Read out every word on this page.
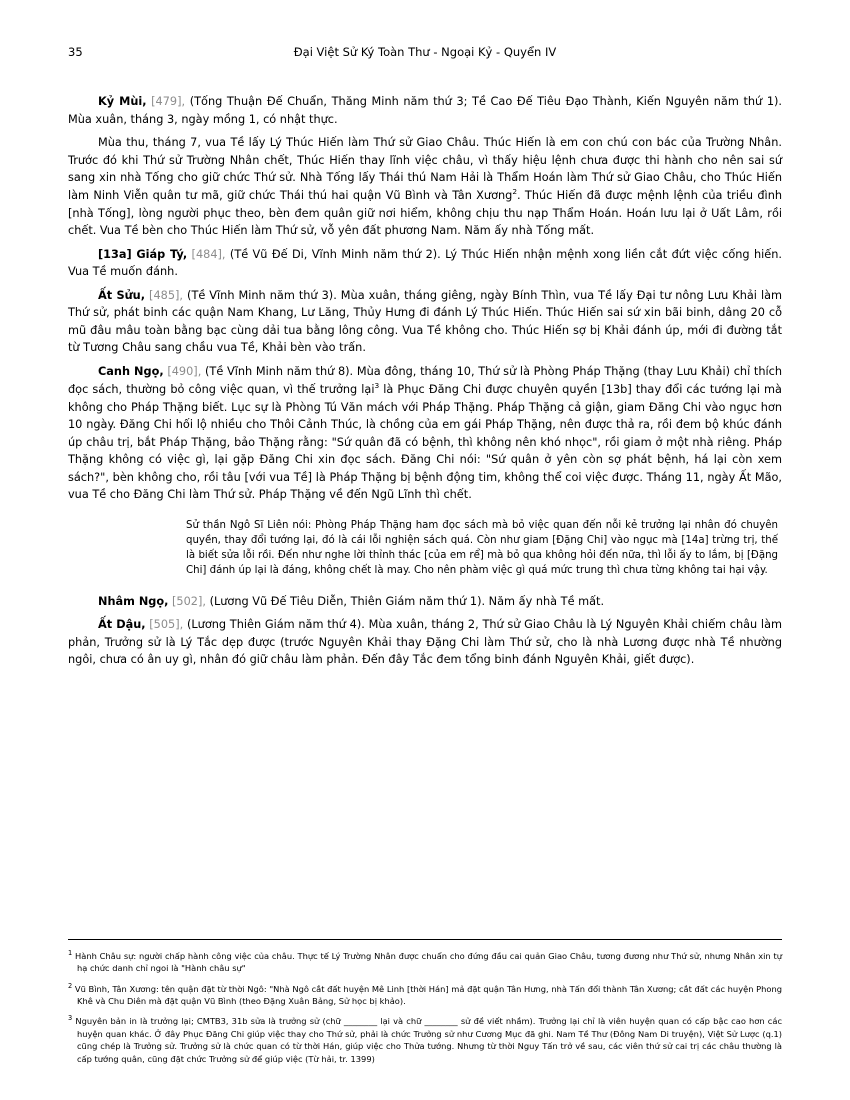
35	Đại Việt Sử Ký Toàn Thư - Ngoại Kỷ - Quyển IV

Kỷ Mùi, [479], (Tống Thuận Đế Chuẩn, Thăng Minh năm thứ 3; Tề Cao Đế Tiêu Đạo Thành, Kiến Nguyên năm thứ 1). Mùa xuân, tháng 3, ngày mồng 1, có nhật thực.

Mùa thu, tháng 7, vua Tề lấy Lý Thúc Hiến làm Thứ sử Giao Châu. Thúc Hiến là em con chú con bác của Trường Nhân. Trước đó khi Thứ sử Trường Nhân chết, Thúc Hiến thay lĩnh việc châu, vì thấy hiệu lệnh chưa được thi hành cho nên sai sứ sang xin nhà Tống cho giữ chức Thứ sử. Nhà Tống lấy Thái thú Nam Hải là Thẩm Hoán làm Thứ sử Giao Châu, cho Thúc Hiến làm Ninh Viễn quân tư mã, giữ chức Thái thú hai quận Vũ Bình và Tân Xương$^2$. Thúc Hiến đã được mệnh lệnh của triều đình [nhà Tống], lòng người phục theo, bèn đem quân giữ nơi hiểm, không chịu thu nạp Thẩm Hoán. Hoán lưu lại ở Uất Lâm, rồi chết. Vua Tề bèn cho Thúc Hiến làm Thứ sử, vỗ yên đất phương Nam. Năm ấy nhà Tống mất.

[13a] Giáp Tý, [484], (Tề Vũ Đế Di, Vĩnh Minh năm thứ 2). Lý Thúc Hiến nhận mệnh xong liền cắt đứt việc cống hiến. Vua Tề muốn đánh.

Ất Sửu, [485], (Tề Vĩnh Minh năm thứ 3). Mùa xuân, tháng giêng, ngày Bính Thìn, vua Tề lấy Đại tư nông Lưu Khải làm Thứ sử, phát binh các quận Nam Khang, Lư Lăng, Thủy Hưng đi đánh Lý Thúc Hiến. Thúc Hiến sai sứ xin bãi binh, dâng 20 cỗ mũ đâu mâu toàn bằng bạc cùng dải tua bằng lông công. Vua Tề không cho. Thúc Hiến sợ bị Khải đánh úp, mới đi đường tắt từ Tương Châu sang chầu vua Tề, Khải bèn vào trấn.

Canh Ngọ, [490], (Tề Vĩnh Minh năm thứ 8). Mùa đông, tháng 10, Thứ sử là Phòng Pháp Thặng (thay Lưu Khải) chỉ thích đọc sách, thường bỏ công việc quan, vì thế trưởng lại$^3$ là Phục Đăng Chi được chuyên quyền [13b] thay đổi các tướng lại mà không cho Pháp Thặng biết. Lục sự là Phòng Tú Văn mách với Pháp Thặng. Pháp Thặng cả giận, giam Đăng Chi vào ngục hơn 10 ngày. Đăng Chi hối lộ nhiều cho Thôi Cảnh Thúc, là chồng của em gái Pháp Thặng, nên được thả ra, rồi đem bộ khúc đánh úp châu trị, bắt Pháp Thặng, bảo Thặng rằng: "Sứ quân đã có bệnh, thì không nên khó nhọc", rồi giam ở một nhà riêng. Pháp Thặng không có việc gì, lại gặp Đăng Chi xin đọc sách. Đăng Chi nói: "Sứ quân ở yên còn sợ phát bệnh, há lại còn xem sách?", bèn không cho, rồi tâu [với vua Tề] là Pháp Thặng bị bệnh động tim, không thể coi việc được. Tháng 11, ngày Ất Mão, vua Tề cho Đăng Chi làm Thứ sử. Pháp Thặng về đến Ngũ Lĩnh thì chết.

Sử thần Ngô Sĩ Liên nói: Phòng Pháp Thặng ham đọc sách mà bỏ việc quan đến nỗi kẻ trưởng lại nhân đó chuyên quyền, thay đổi tướng lại, đó là cái lỗi nghiện sách quá. Còn như giam [Đặng Chi] vào ngục mà [14a] trừng trị, thế là biết sửa lỗi rồi. Đến như nghe lời thỉnh thác [của em rể] mà bỏ qua không hỏi đến nữa, thì lỗi ấy to lắm, bị [Đặng Chi] đánh úp lại là đáng, không chết là may. Cho nên phàm việc gì quá mức trung thì chưa từng không tai hại vậy.

Nhâm Ngọ, [502], (Lương Vũ Đế Tiêu Diễn, Thiên Giám năm thứ 1). Năm ấy nhà Tề mất.

Ất Dậu, [505], (Lương Thiên Giám năm thứ 4). Mùa xuân, tháng 2, Thứ sử Giao Châu là Lý Nguyên Khải chiếm châu làm phản, Trưởng sử là Lý Tắc dẹp được (trước Nguyên Khải thay Đặng Chi làm Thứ sử, cho là nhà Lương được nhà Tề nhường ngôi, chưa có ân uy gì, nhân đó giữ châu làm phản. Đến đây Tắc đem tổng binh đánh Nguyên Khải, giết được).

$^1$ Hành Châu sự: người chấp hành công việc của châu. Thực tế Lý Trường Nhân được chuẩn cho đứng đầu cai quản Giao Châu, tương đương như Thứ sử, nhưng Nhân xin tự hạ chức danh chỉ ngoi là "Hành châu sự"

$^2$ Vũ Bình, Tân Xương: tên quận đặt từ thời Ngô: "Nhà Ngô cắt đất huyện Mê Linh [thời Hán] mả đặt quận Tân Hưng, nhà Tấn đổi thành Tân Xương; cắt đất các huyện Phong Khê và Chu Diên mà đặt quận Vũ Bình (theo Đặng Xuân Bảng, Sử học bị khảo).

$^3$ Nguyên bản in là trưởng lại; CMTB3, 31b sửa là trưởng sử (chữ ________ lại và chữ ________ sử đề viết nhầm). Trưởng lại chỉ là viên huyện quan có cấp bậc cao hơn các huyện quan khác. Ở đây Phục Đăng Chi giúp việc thay cho Thứ sử, phải là chức Trưởng sử như Cương Mục đã ghi. Nam Tề Thư (Đông Nam Di truyện), Việt Sử Lược (q.1) cũng chép là Trưởng sử. Trưởng sử là chức quan có từ thời Hán, giúp việc cho Thửa tướng. Nhưng từ thời Nguy Tấn trở về sau, các viên thứ sử cai trị các châu thường là cấp tướng quân, cũng đặt chức Trưởng sử để giúp việc (Từ hải, tr. 1399)
